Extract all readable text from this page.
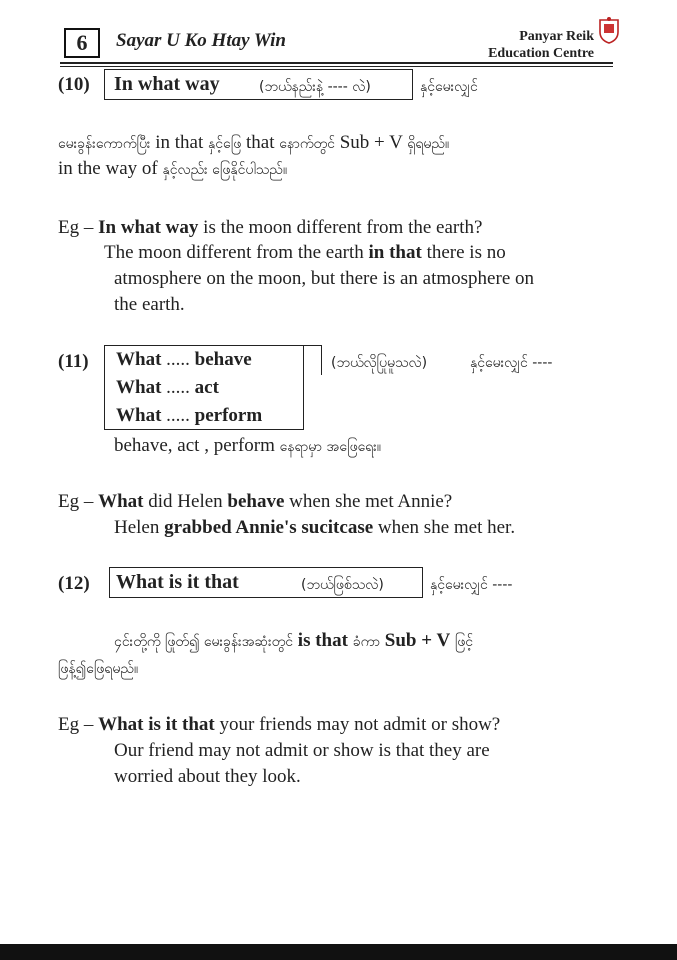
6	Sayar U Ko Htay Win	Panyar Reik
Education Centre
(10) In what way	(ဘယ်နည်းနဲ့ ---- လဲ)	နှင့်မေးလျှင်
မေးခွန်းကောက်ပြီး in that နှင့်ဖြေ that နောက်တွင် Sub + V ရှိရမည်။
in the way of နှင့်လည်း ဖြေနိုင်ပါသည်။
Eg – In what way is the moon different from the earth?
The moon different from the earth in that there is no
atmosphere on the moon, but there is an atmosphere on
the earth.
(11) What ..... behave
What ..... act
What ..... perform
(ဘယ်လိုပြုမူသလဲ)	နှင့်မေးလျှင် ----
behave, act , perform နေရာမှာ အဖြေရေး။
Eg – What did Helen behave when she met Annie?
Helen grabbed Annie's sucitcase when she met her.
(12) What is it that	(ဘယ်ဖြစ်သလဲ)	နှင့်မေးလျှင် ----
၄င်းတို့ကို ဖြုတ်၍ မေးခွန်းအဆုံးတွင် is that ခံကာ Sub + V ဖြင့်
ဖြန့်၍ဖြေရမည်။
Eg – What is it that your friends may not admit or show?
Our friend may not admit or show is that they are
worried about they look.
